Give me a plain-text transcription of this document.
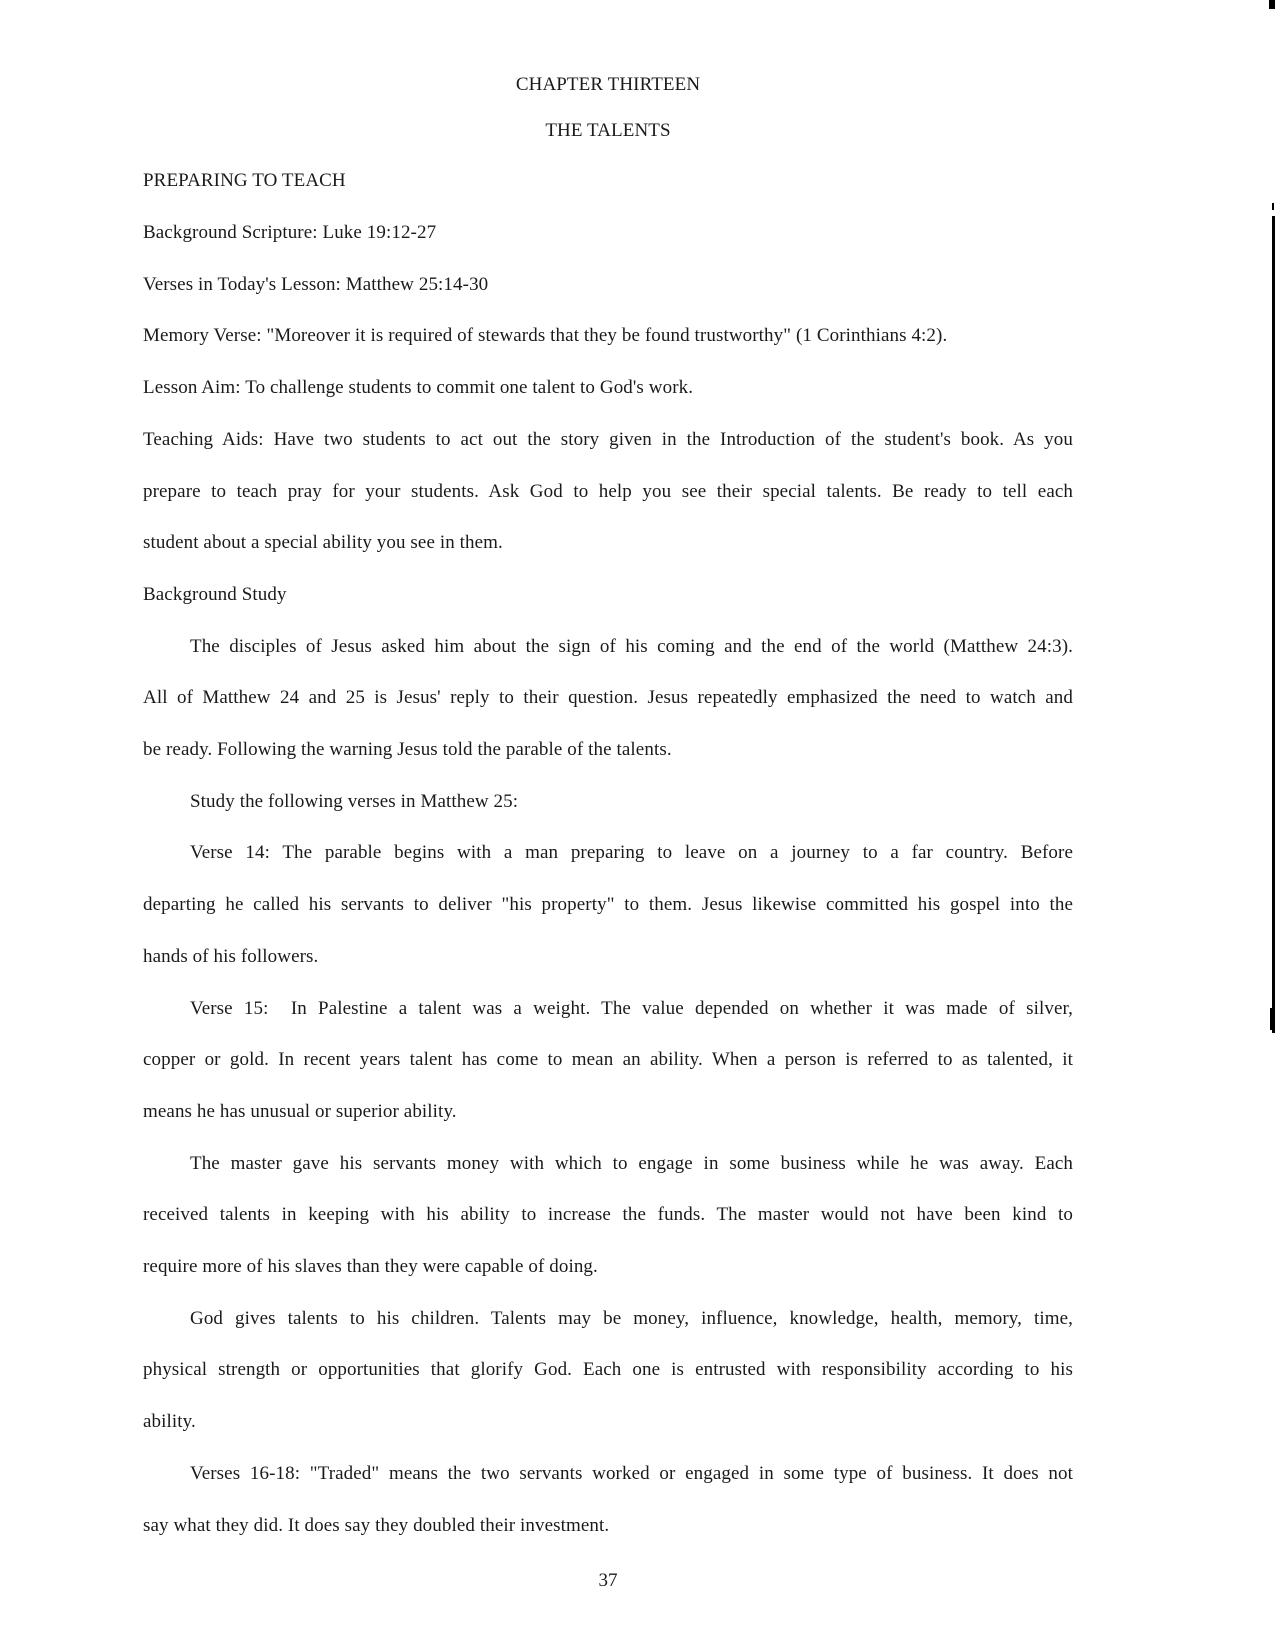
CHAPTER THIRTEEN
THE TALENTS
PREPARING TO TEACH
Background Scripture: Luke 19:12-27
Verses in Today's Lesson: Matthew 25:14-30
Memory Verse: "Moreover it is required of stewards that they be found trustworthy" (1 Corinthians 4:2).
Lesson Aim: To challenge students to commit one talent to God's work.
Teaching Aids: Have two students to act out the story given in the Introduction of the student's book. As you
prepare to teach pray for your students. Ask God to help you see their special talents. Be ready to tell each
student about a special ability you see in them.
Background Study
The disciples of Jesus asked him about the sign of his coming and the end of the world (Matthew 24:3).
All of Matthew 24 and 25 is Jesus' reply to their question. Jesus repeatedly emphasized the need to watch and
be ready. Following the warning Jesus told the parable of the talents.
Study the following verses in Matthew 25:
Verse 14: The parable begins with a man preparing to leave on a journey to a far country. Before
departing he called his servants to deliver "his property" to them. Jesus likewise committed his gospel into the
hands of his followers.
Verse 15:  In Palestine a talent was a weight. The value depended on whether it was made of silver,
copper or gold. In recent years talent has come to mean an ability. When a person is referred to as talented, it
means he has unusual or superior ability.
The master gave his servants money with which to engage in some business while he was away. Each
received talents in keeping with his ability to increase the funds. The master would not have been kind to
require more of his slaves than they were capable of doing.
God gives talents to his children. Talents may be money, influence, knowledge, health, memory, time,
physical strength or opportunities that glorify God. Each one is entrusted with responsibility according to his
ability.
Verses 16-18: "Traded" means the two servants worked or engaged in some type of business. It does not
say what they did. It does say they doubled their investment.
37
